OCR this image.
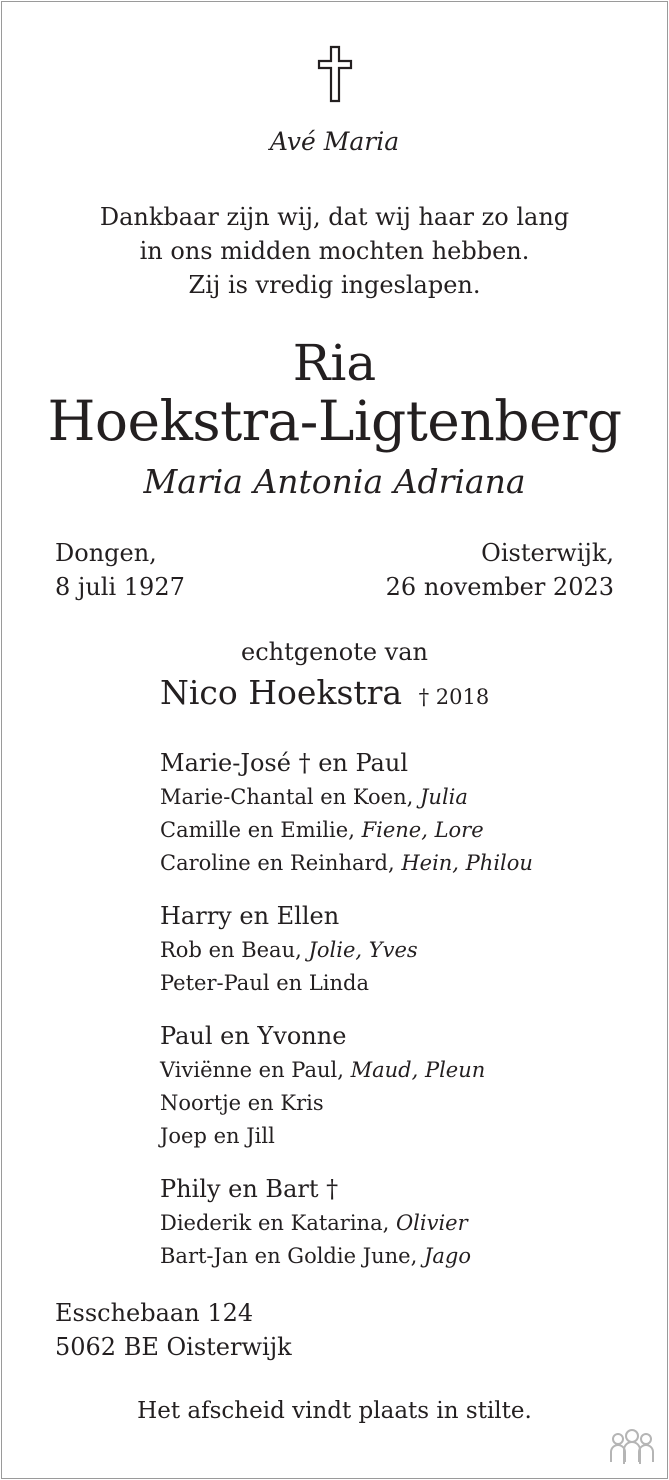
Avé Maria
Dankbaar zijn wij, dat wij haar zo lang
in ons midden mochten hebben.
Zij is vredig ingeslapen.
Ria
Hoekstra-Ligtenberg
Maria Antonia Adriana
Dongen,
8 juli 1927
Oisterwijk,
26 november 2023
echtgenote van
Nico Hoekstra † 2018
Marie-José † en Paul
Marie-Chantal en Koen, Julia
Camille en Emilie, Fiene, Lore
Caroline en Reinhard, Hein, Philou
Harry en Ellen
Rob en Beau, Jolie, Yves
Peter-Paul en Linda
Paul en Yvonne
Viviënne en Paul, Maud, Pleun
Noortje en Kris
Joep en Jill
Phily en Bart †
Diederik en Katarina, Olivier
Bart-Jan en Goldie June, Jago
Esschebaan 124
5062 BE Oisterwijk
Het afscheid vindt plaats in stilte.
